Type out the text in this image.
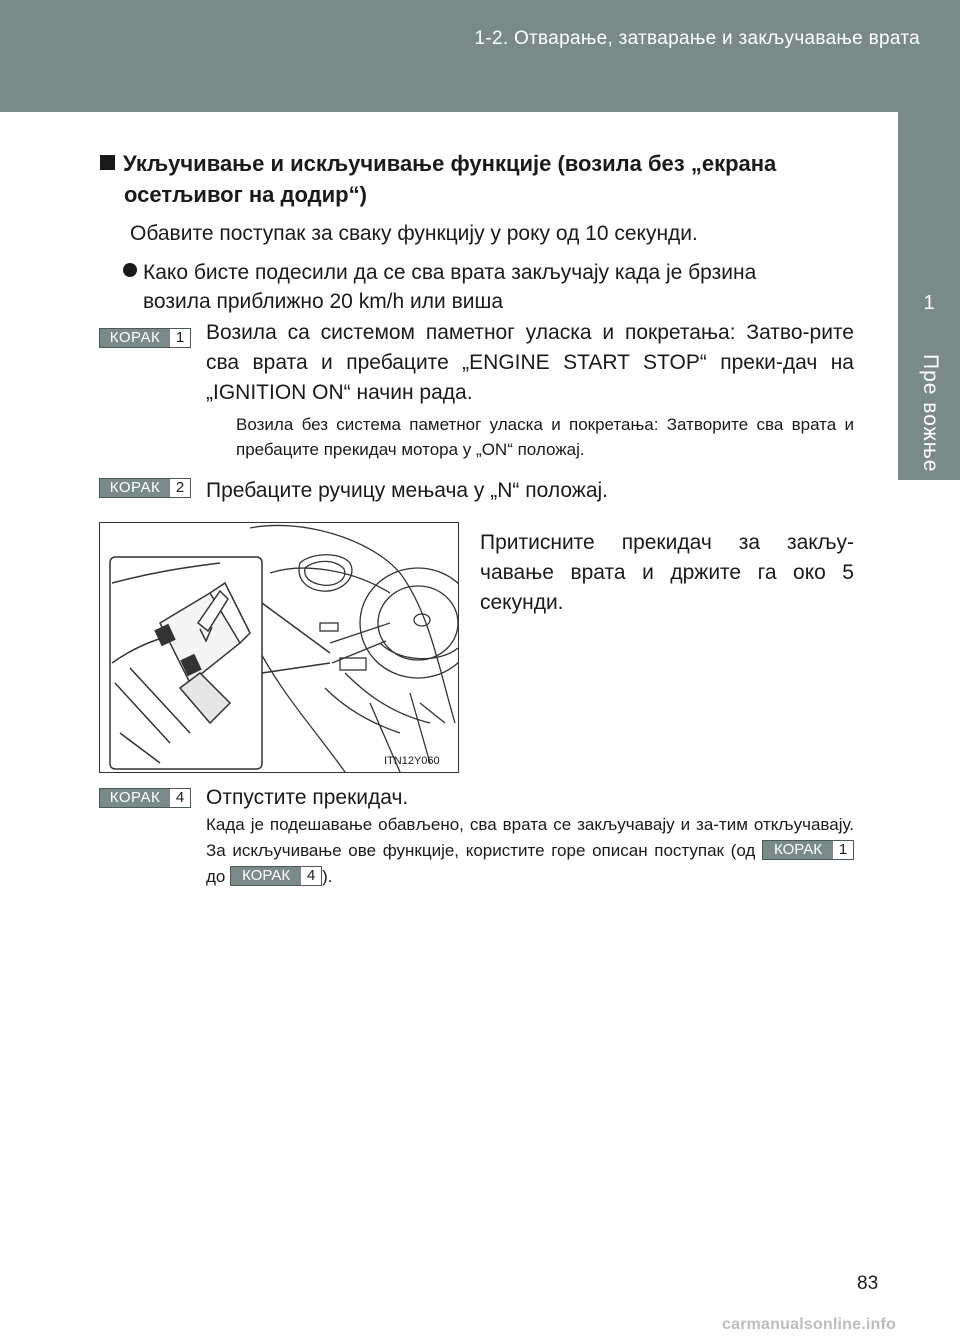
1-2. Отварање, затварање и закључавање врата
1
Пре вожње
Укључивање и искључивање функције (возила без „екрана
осетљивог на додир“)
Обавите поступак за сваку функцију у року од 10 секунди.
Како бисте подесили да се сва врата закључају када је брзина
возила приближно 20 km/h или виша
КОРАК	1 Возила са системом паметног уласка и покретања: Затво-рите сва врата и пребаците „ENGINE START STOP“ преки-дач на „IGNITION ON“ начин рада.
Возила без система паметног уласка и покретања: Затворите сва врата и пребаците прекидач мотора у „ON“ положај.
КОРАК	2 Пребаците ручицу мењача у „N“ положај.
ITN12Y060
Притисните прекидач за закљу-чавање врата и држите га око 5 секунди.
КОРАК	4 Отпустите прекидач.
Када је подешавање обављено, сва врата се закључавају и за-тим откључавају. За искључивање ове функције, користите горе описан поступак (од	КОРАК	1
до	КОРАК	4 ).
83
carmanualsonline.info
